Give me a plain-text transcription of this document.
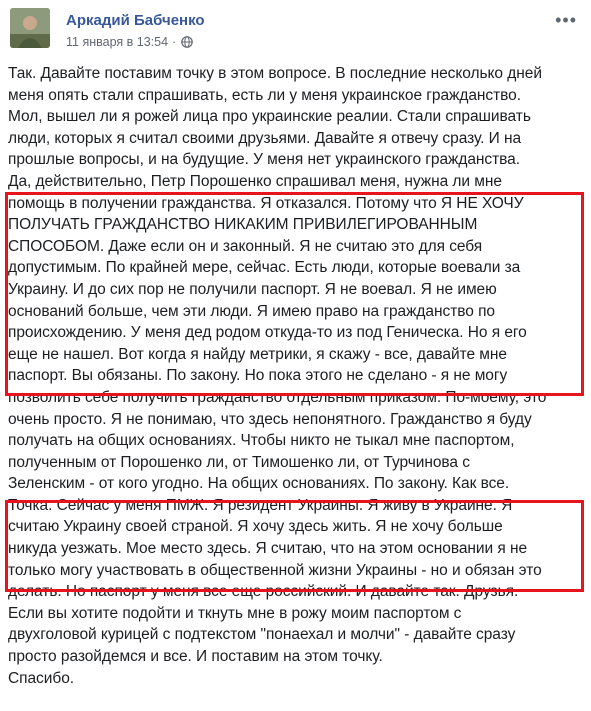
Аркадий Бабченко
11 января в 13:54 ·
•••
Так. Давайте поставим точку в этом вопросе. В последние несколько дней
меня опять стали спрашивать, есть ли у меня украинское гражданство.
Мол, вышел ли я рожей лица про украинские реалии. Стали спрашивать
люди, которых я считал своими друзьями. Давайте я отвечу сразу. И на
прошлые вопросы, и на будущие. У меня нет украинского гражданства.
Да, действительно, Петр Порошенко спрашивал меня, нужна ли мне
помощь в получении гражданства. Я отказался. Потому что Я НЕ ХОЧУ
ПОЛУЧАТЬ ГРАЖДАНСТВО НИКАКИМ ПРИВИЛЕГИРОВАННЫМ
СПОСОБОМ. Даже если он и законный. Я не считаю это для себя
допустимым. По крайней мере, сейчас. Есть люди, которые воевали за
Украину. И до сих пор не получили паспорт. Я не воевал. Я не имею
оснований больше, чем эти люди. Я имею право на гражданство по
происхождению. У меня дед родом откуда-то из под Геническа. Но я его
еще не нашел. Вот когда я найду метрики, я скажу - все, давайте мне
паспорт. Вы обязаны. По закону. Но пока этого не сделано - я не могу
позволить себе получить гражданство отдельным приказом. По-моему, это
очень просто. Я не понимаю, что здесь непонятного. Гражданство я буду
получать на общих основаниях. Чтобы никто не тыкал мне паспортом,
полученным от Порошенко ли, от Тимошенко ли, от Турчинова с
Зеленским - от кого угодно. На общих основаниях. По закону. Как все.
Точка. Сейчас у меня ПМЖ. Я резидент Украины. Я живу в Украине. Я
считаю Украину своей страной. Я хочу здесь жить. Я не хочу больше
никуда уезжать. Мое место здесь. Я считаю, что на этом основании я не
только могу участвовать в общественной жизни Украины - но и обязан это
делать. Но паспорт у меня все еще российский. И давайте так. Друзья.
Если вы хотите подойти и ткнуть мне в рожу моим паспортом с
двухголовой курицей с подтекстом "понаехал и молчи" - давайте сразу
просто разойдемся и все. И поставим на этом точку.
Спасибо.
